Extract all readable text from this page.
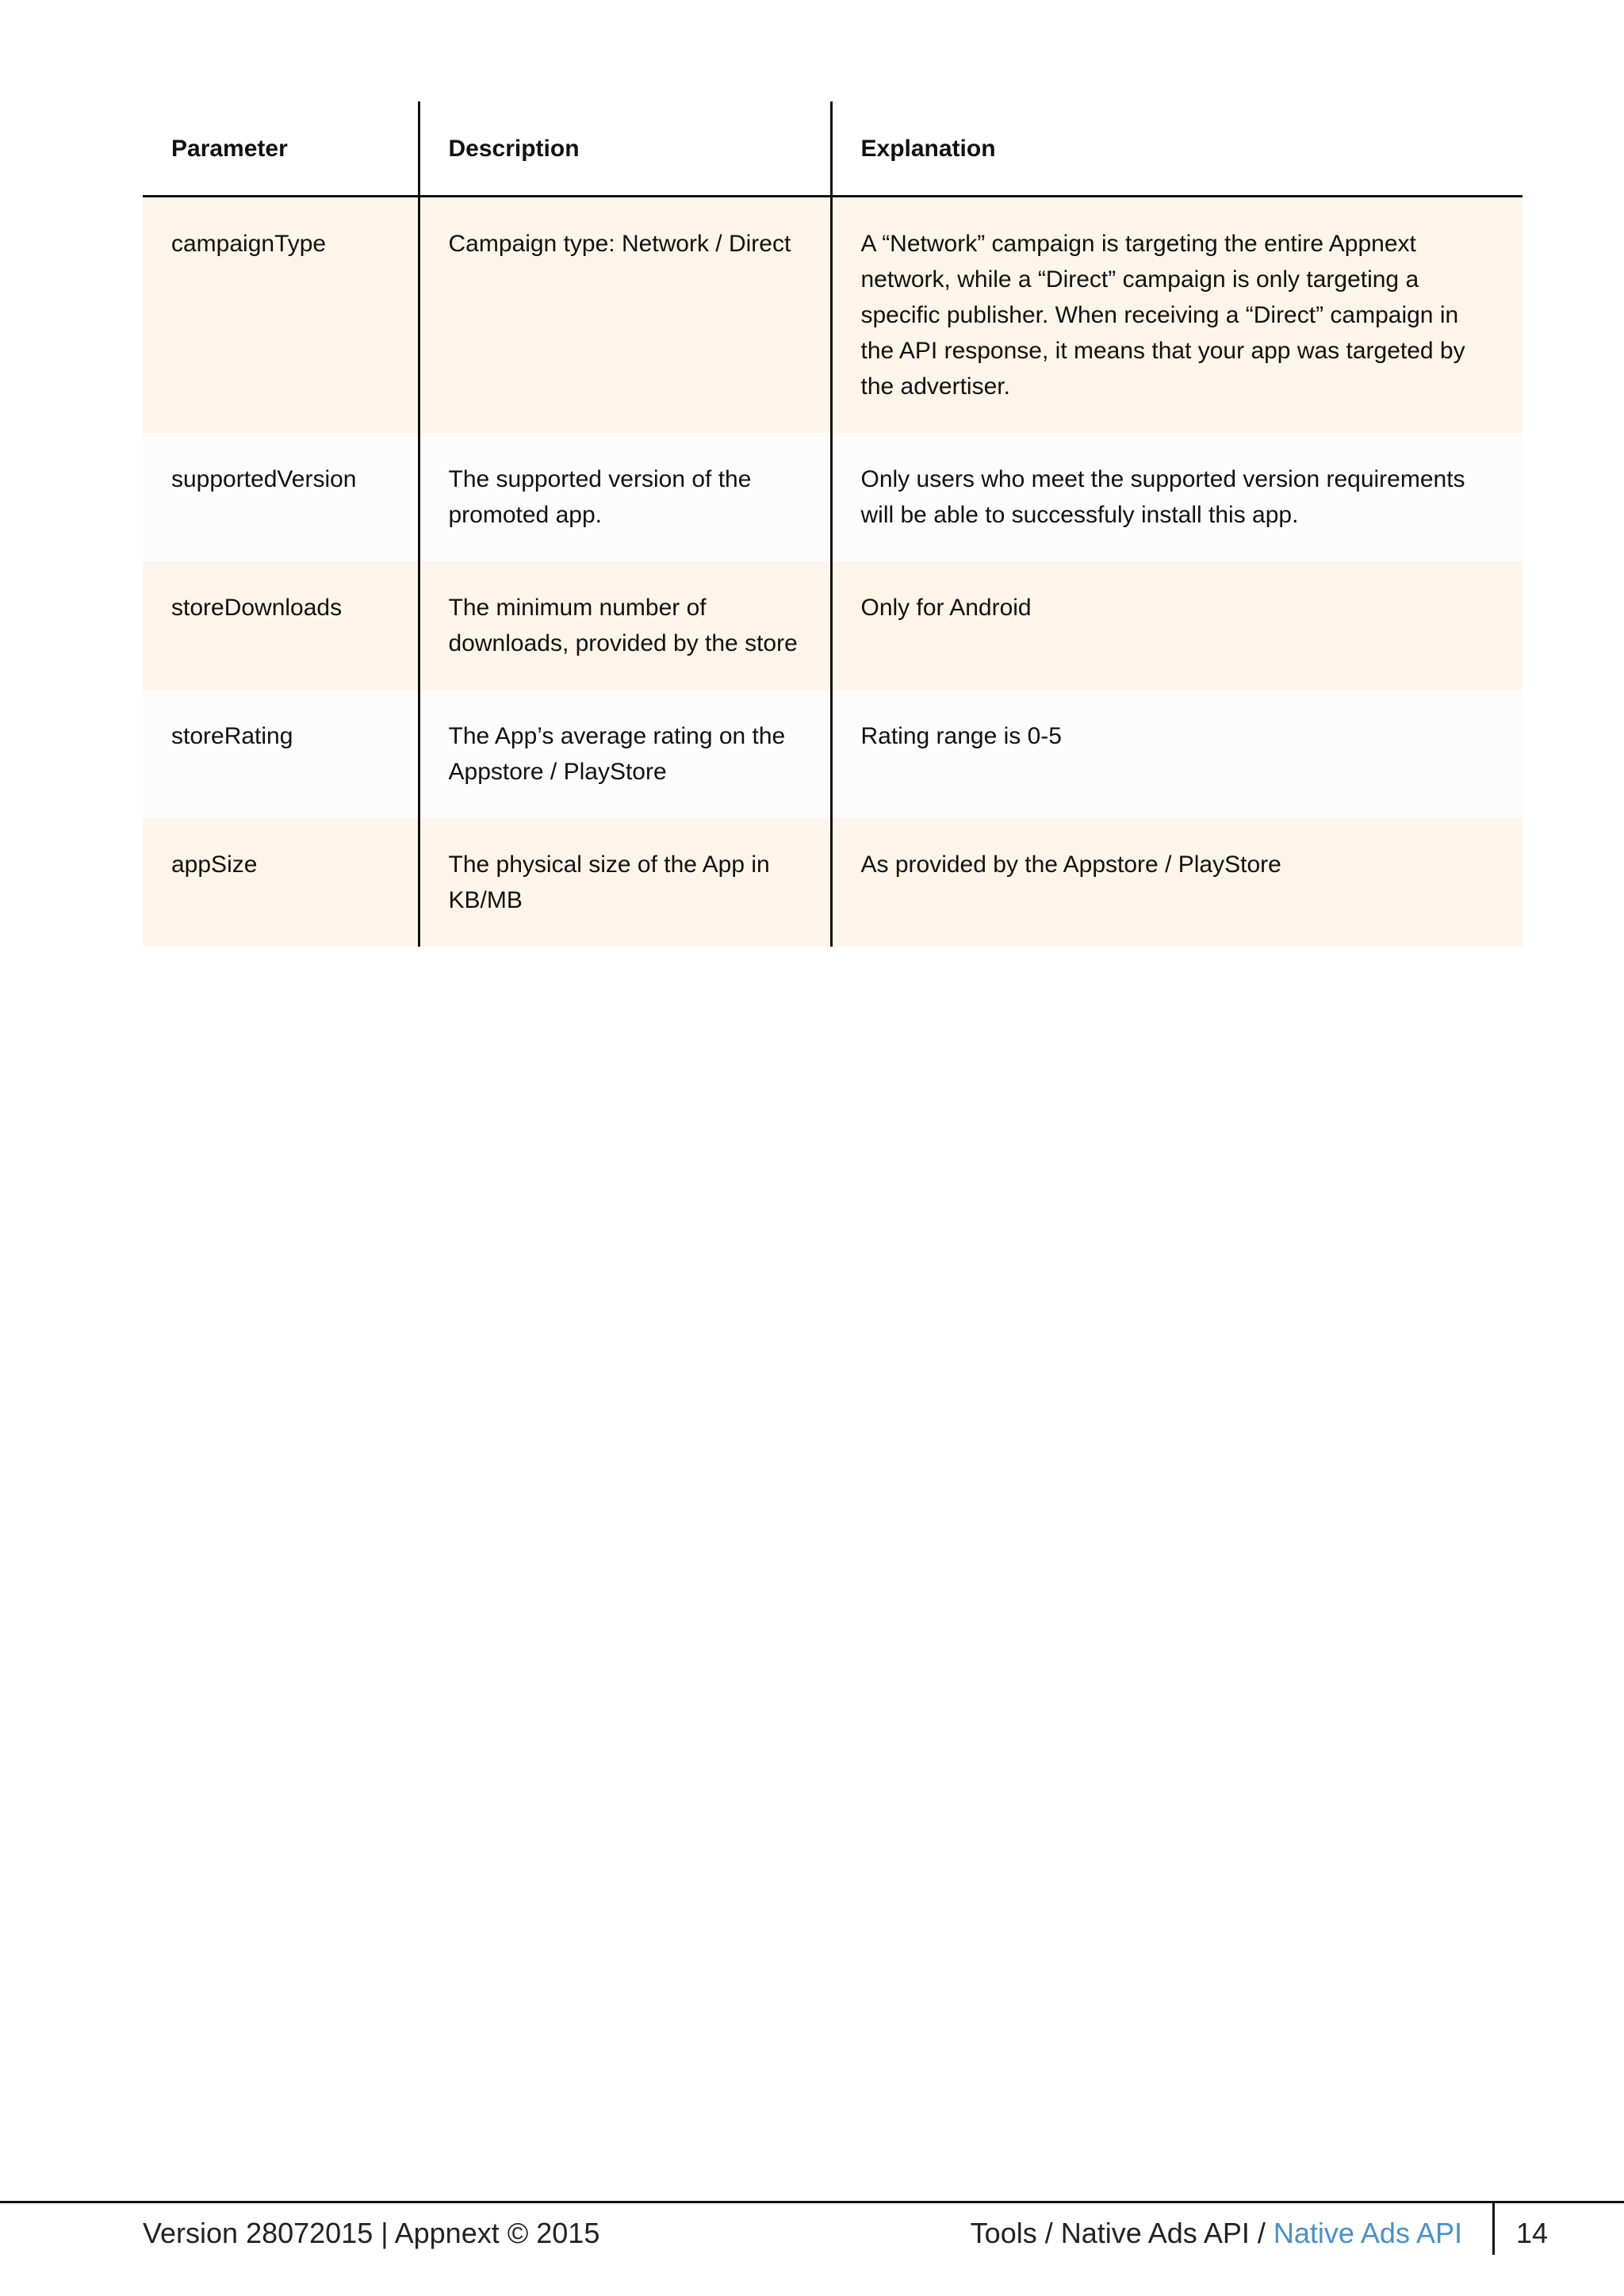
Parameter	Description	Explanation
campaignType	Campaign type: Network / Direct	A “Network” campaign is targeting the entire Appnext network, while a “Direct” campaign is only targeting a specific publisher. When receiving a “Direct” campaign in the API response, it means that your app was targeted by the advertiser.
supportedVersion	The supported version of the promoted app.	Only users who meet the supported version requirements will be able to successfuly install this app.
storeDownloads	The minimum number of downloads, provided by the store	Only for Android
storeRating	The App’s average rating on the Appstore / PlayStore	Rating range is 0-5
appSize	The physical size of the App in KB/MB	As provided by the Appstore / PlayStore
Version 28072015 | Appnext © 2015	Tools / Native Ads API / Native Ads API 14
